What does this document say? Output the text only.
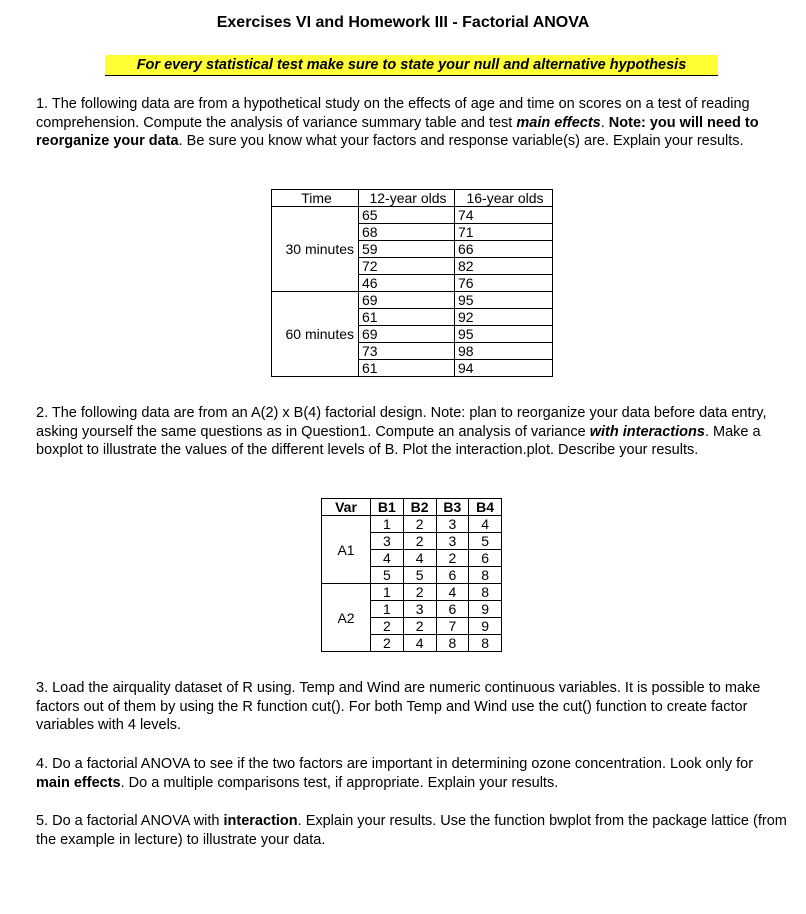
Exercises VI and Homework III - Factorial ANOVA
For every statistical test make sure to state your null and alternative hypothesis
1. The following data are from a hypothetical study on the effects of age and time on scores on a test of reading comprehension. Compute the analysis of variance summary table and test main effects. Note: you will need to reorganize your data. Be sure you know what your factors and response variable(s) are. Explain your results.
Time	12-year olds	16-year olds
	65	74
	68	71
30 minutes	59	66
	72	82
	46	76
	69	95
	61	92
60 minutes	69	95
	73	98
	61	94
2. The following data are from an A(2) x B(4) factorial design. Note: plan to reorganize your data before data entry, asking yourself the same questions as in Question1. Compute an analysis of variance with interactions. Make a boxplot to illustrate the values of the different levels of B. Plot the interaction.plot. Describe your results.
Var	B1	B2	B3	B4
A1	1	2	3	4
	3	2	3	5
	4	4	2	6
	5	5	6	8
A2	1	2	4	8
	1	3	6	9
	2	2	7	9
	2	4	8	8
3. Load the airquality dataset of R using. Temp and Wind are numeric continuous variables. It is possible to make factors out of them by using the R function cut(). For both Temp and Wind use the cut() function to create factor variables with 4 levels.
4. Do a factorial ANOVA to see if the two factors are important in determining ozone concentration. Look only for main effects. Do a multiple comparisons test, if appropriate. Explain your results.
5. Do a factorial ANOVA with interaction. Explain your results. Use the function bwplot from the package lattice (from the example in lecture) to illustrate your data.
